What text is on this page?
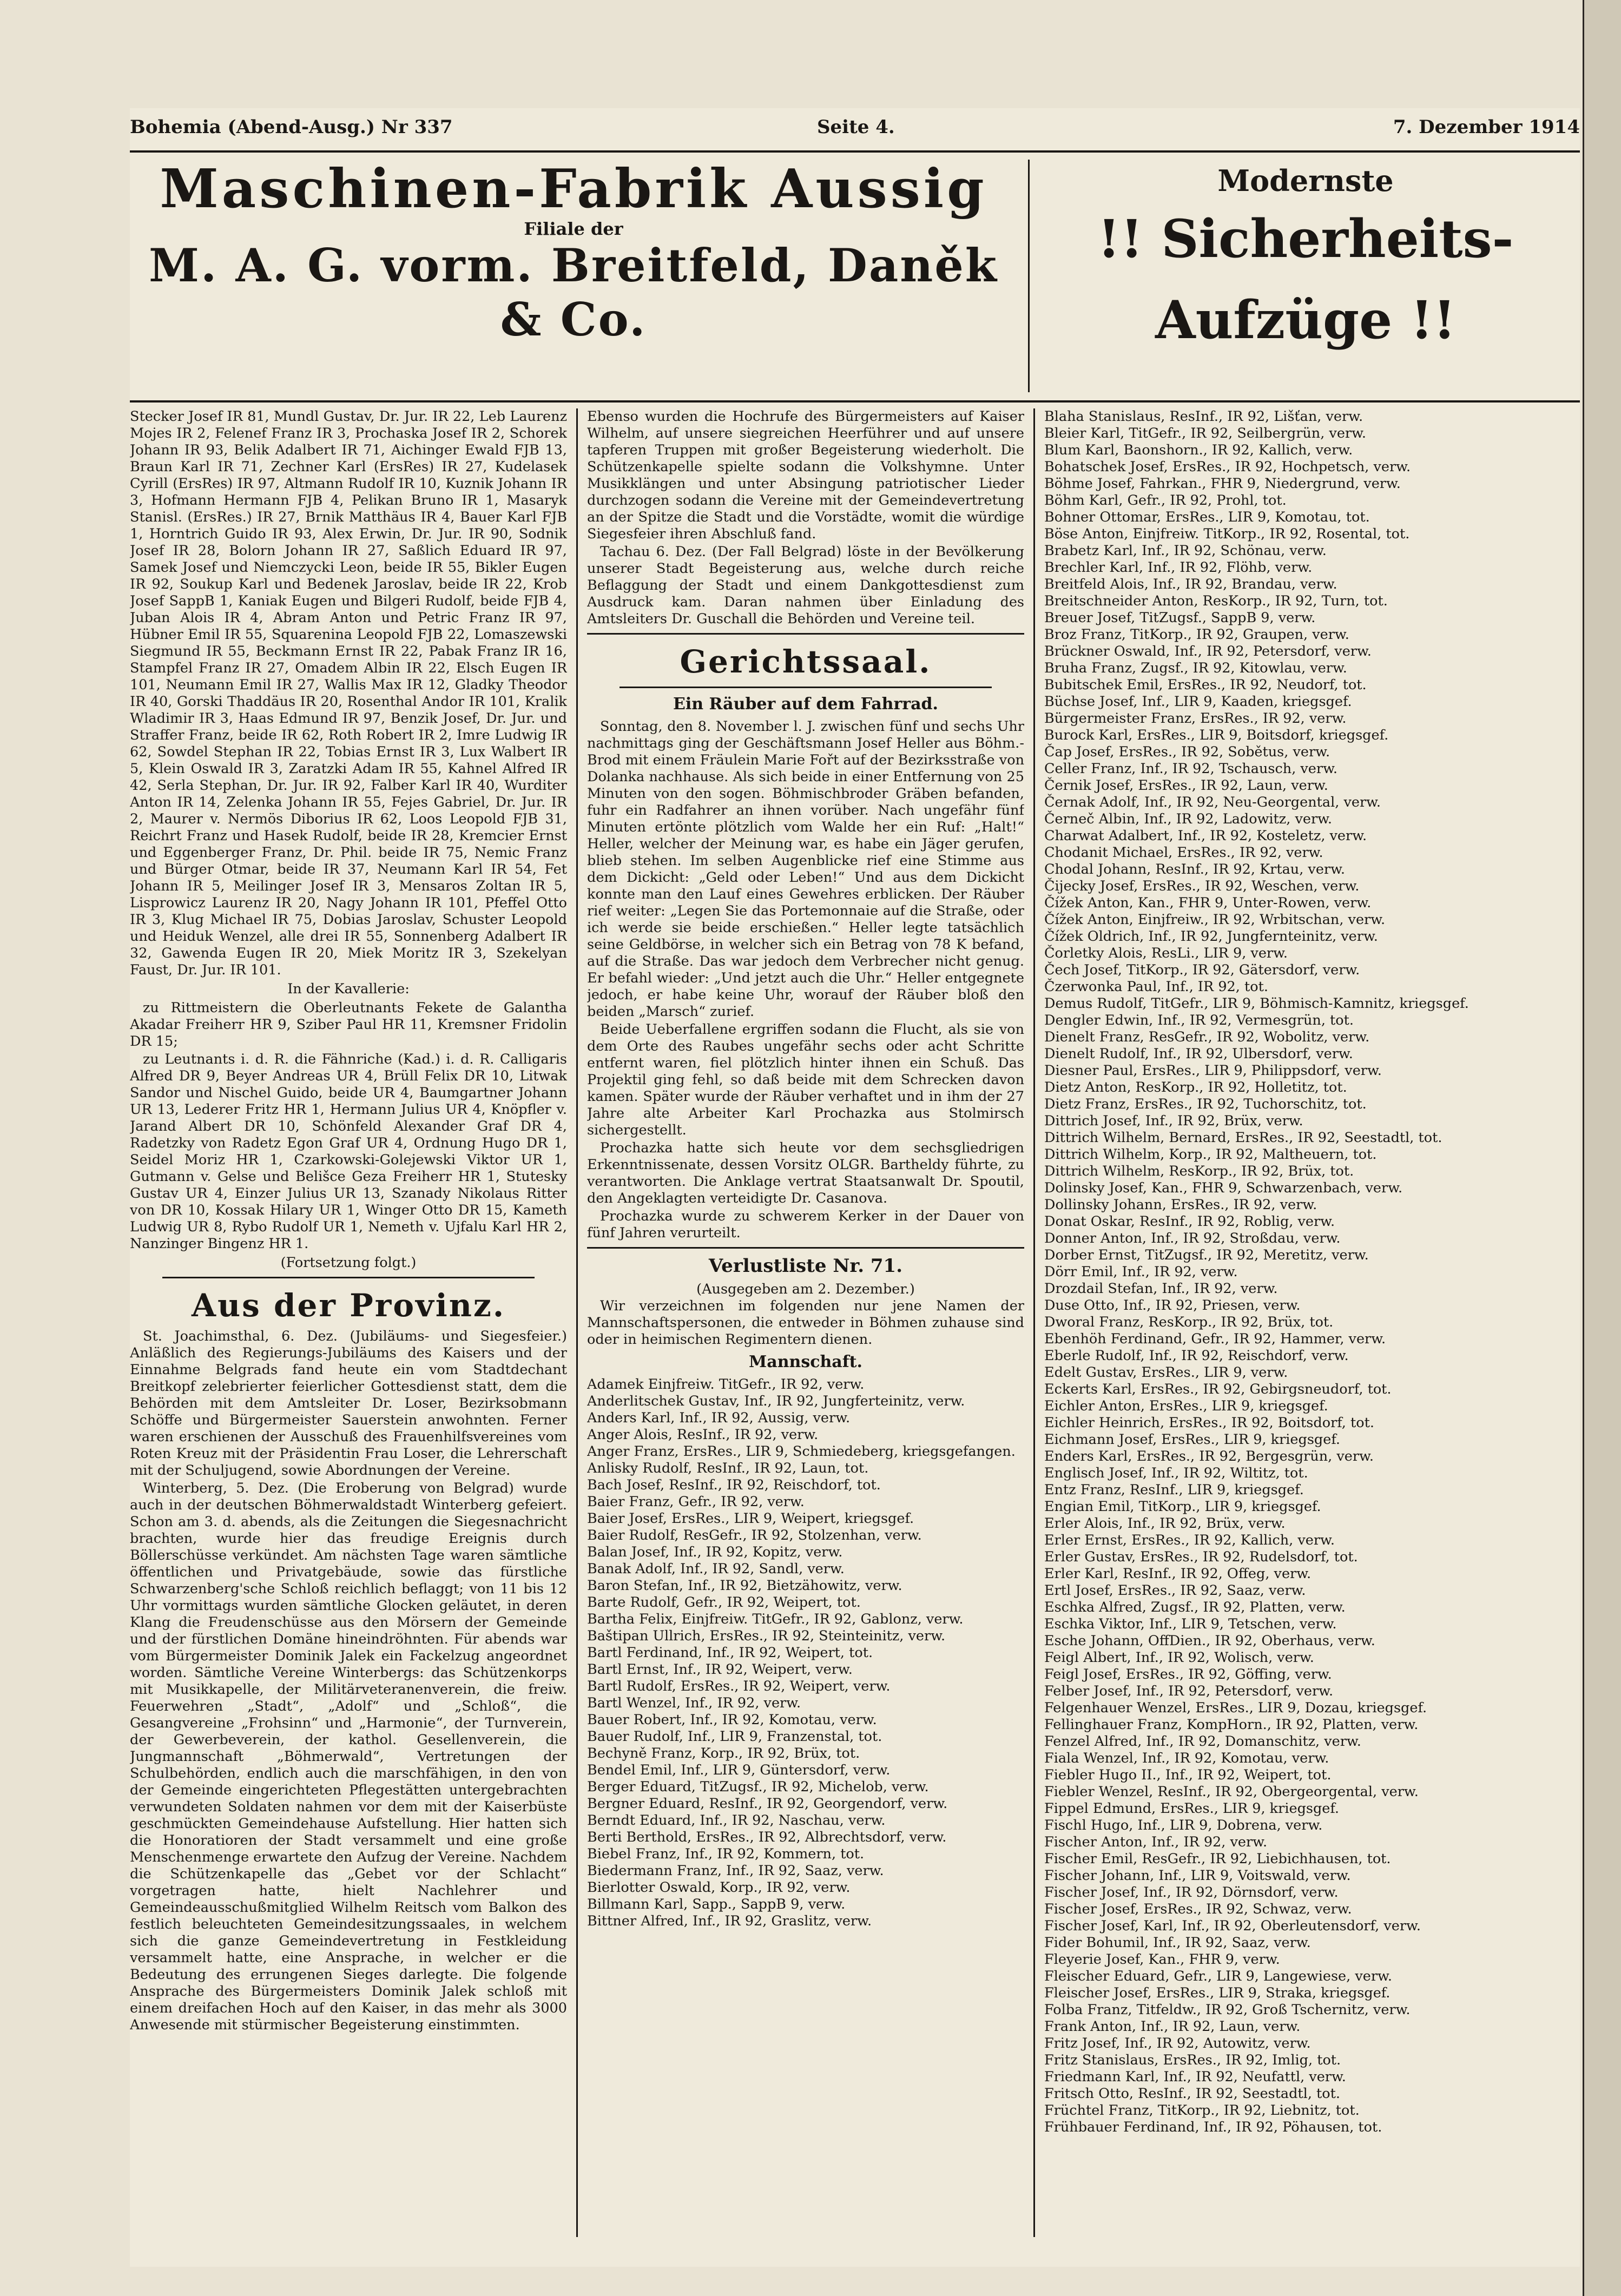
Bohemia (Abend-Ausg.) Nr 337	Seite 4.	7. Dezember 1914
Maschinen-Fabrik Aussig
Filiale der
M. A. G. vorm. Breitfeld, Daněk & Co.
Modernste
!! Sicherheits-Aufzüge !!

Stecker Josef IR 81, Mundl Gustav, Dr. Jur. IR 22, Leb Laurenz Mojes IR 2, Felenef Franz IR 3, Prochaska Josef IR 2, Schorek Johann IR 93, Belik Adalbert IR 71, Aichinger Ewald FJB 13, Braun Karl IR 71, Zechner Karl (ErsRes) IR 27, Kudelasek Cyrill (ErsRes) IR 97, Altmann Rudolf IR 10, Kuznik Johann IR 3, Hofmann Hermann FJB 4, Pelikan Bruno IR 1, Masaryk Stanisl. (ErsRes.) IR 27, Brnik Matthäus IR 4, Bauer Karl FJB 1, Horntrich Guido IR 93, Alex Erwin, Dr. Jur. IR 90, Sodnik Josef IR 28, Bolorn Johann IR 27, Saßlich Eduard IR 97, Samek Josef und Niemczycki Leon, beide IR 55, Bikler Eugen IR 92, Soukup Karl und Bedenek Jaroslav, beide IR 22, Krob Josef SappB 1, Kaniak Eugen und Bilgeri Rudolf, beide FJB 4, Juban Alois IR 4, Abram Anton und Petric Franz IR 97, Hübner Emil IR 55, Squarenina Leopold FJB 22, Lomaszewski Siegmund IR 55, Beckmann Ernst IR 22, Pabak Franz IR 16, Stampfel Franz IR 27, Omadem Albin IR 22, Elsch Eugen IR 101, Neumann Emil IR 27, Wallis Max IR 12, Gladky Theodor IR 40, Gorski Thaddäus IR 20, Rosenthal Andor IR 101, Kralik Wladimir IR 3, Haas Edmund IR 97, Benzik Josef, Dr. Jur. und Straffer Franz, beide IR 62, Roth Robert IR 2, Imre Ludwig IR 62, Sowdel Stephan IR 22, Tobias Ernst IR 3, Lux Walbert IR 5, Klein Oswald IR 3, Zaratzki Adam IR 55, Kahnel Alfred IR 42, Serla Stephan, Dr. Jur. IR 92, Falber Karl IR 40, Wurditer Anton IR 14, Zelenka Johann IR 55, Fejes Gabriel, Dr. Jur. IR 2, Maurer v. Nermös Diborius IR 62, Loos Leopold FJB 31, Reichrt Franz und Hasek Rudolf, beide IR 28, Kremcier Ernst und Eggenberger Franz, Dr. Phil. beide IR 75, Nemic Franz und Bürger Otmar, beide IR 37, Neumann Karl IR 54, Fet Johann IR 5, Meilinger Josef IR 3, Mensaros Zoltan IR 5, Lisprowicz Laurenz IR 20, Nagy Johann IR 101, Pfeffel Otto IR 3, Klug Michael IR 75, Dobias Jaroslav, Schuster Leopold und Heiduk Wenzel, alle drei IR 55, Sonnenberg Adalbert IR 32, Gawenda Eugen IR 20, Miek Moritz IR 3, Szekelyan Faust, Dr. Jur. IR 101.

In der Kavallerie:

zu Rittmeistern die Oberleutnants Fekete de Galantha Akadar Freiherr HR 9, Sziber Paul HR 11, Kremsner Fridolin DR 15;

zu Leutnants i. d. R. die Fähnriche (Kad.) i. d. R. Calligaris Alfred DR 9, Beyer Andreas UR 4, Brüll Felix DR 10, Litwak Sandor und Nischel Guido, beide UR 4, Baumgartner Johann UR 13, Lederer Fritz HR 1, Hermann Julius UR 4, Knöpfler v. Jarand Albert DR 10, Schönfeld Alexander Graf DR 4, Radetzky von Radetz Egon Graf UR 4, Ordnung Hugo DR 1, Seidel Moriz HR 1, Czarkowski-Golejewski Viktor UR 1, Gutmann v. Gelse und Belišce Geza Freiherr HR 1, Stutesky Gustav UR 4, Einzer Julius UR 13, Szanady Nikolaus Ritter von DR 10, Kossak Hilary UR 1, Winger Otto DR 15, Kameth Ludwig UR 8, Rybo Rudolf UR 1, Nemeth v. Ujfalu Karl HR 2, Nanzinger Bingenz HR 1.

(Fortsetzung folgt.)
Aus der Provinz.

St. Joachimsthal, 6. Dez. (Jubiläums- und Siegesfeier.) Anläßlich des Regierungs-Jubiläums des Kaisers und der Einnahme Belgrads fand heute ein vom Stadtdechant Breitkopf zelebrierter feierlicher Gottesdienst statt, dem die Behörden mit dem Amtsleiter Dr. Loser, Bezirksobmann Schöffe und Bürgermeister Sauerstein anwohnten. Ferner waren erschienen der Ausschuß des Frauenhilfsvereines vom Roten Kreuz mit der Präsidentin Frau Loser, die Lehrerschaft mit der Schuljugend, sowie Abordnungen der Vereine.

Winterberg, 5. Dez. (Die Eroberung von Belgrad) wurde auch in der deutschen Böhmerwaldstadt Winterberg gefeiert. Schon am 3. d. abends, als die Zeitungen die Siegesnachricht brachten, wurde hier das freudige Ereignis durch Böllerschüsse verkündet. Am nächsten Tage waren sämtliche öffentlichen und Privatgebäude, sowie das fürstliche Schwarzenberg'sche Schloß reichlich beflaggt; von 11 bis 12 Uhr vormittags wurden sämtliche Glocken geläutet, in deren Klang die Freudenschüsse aus den Mörsern der Gemeinde und der fürstlichen Domäne hineindröhnten. Für abends war vom Bürgermeister Dominik Jalek ein Fackelzug angeordnet worden. Sämtliche Vereine Winterbergs: das Schützenkorps mit Musikkapelle, der Militärveteranenverein, die freiw. Feuerwehren „Stadt“, „Adolf“ und „Schloß“, die Gesangvereine „Frohsinn“ und „Harmonie“, der Turnverein, der Gewerbeverein, der kathol. Gesellenverein, die Jungmannschaft „Böhmerwald“, Vertretungen der Schulbehörden, endlich auch die marschfähigen, in den von der Gemeinde eingerichteten Pflegestätten untergebrachten verwundeten Soldaten nahmen vor dem mit der Kaiserbüste geschmückten Gemeindehause Aufstellung. Hier hatten sich die Honoratioren der Stadt versammelt und eine große Menschenmenge erwartete den Aufzug der Vereine. Nachdem die Schützenkapelle das „Gebet vor der Schlacht“ vorgetragen hatte, hielt Nachlehrer und Gemeindeausschußmitglied Wilhelm Reitsch vom Balkon des festlich beleuchteten Gemeindesitzungssaales, in welchem sich die ganze Gemeindevertretung in Festkleidung versammelt hatte, eine Ansprache, in welcher er die Bedeutung des errungenen Sieges darlegte. Die folgende Ansprache des Bürgermeisters Dominik Jalek schloß mit einem dreifachen Hoch auf den Kaiser, in das mehr als 3000 Anwesende mit stürmischer Begeisterung einstimmten.

Ebenso wurden die Hochrufe des Bürgermeisters auf Kaiser Wilhelm, auf unsere siegreichen Heerführer und auf unsere tapferen Truppen mit großer Begeisterung wiederholt. Die Schützenkapelle spielte sodann die Volkshymne. Unter Musikklängen und unter Absingung patriotischer Lieder durchzogen sodann die Vereine mit der Gemeindevertretung an der Spitze die Stadt und die Vorstädte, womit die würdige Siegesfeier ihren Abschluß fand.

Tachau 6. Dez. (Der Fall Belgrad) löste in der Bevölkerung unserer Stadt Begeisterung aus, welche durch reiche Beflaggung der Stadt und einem Dankgottesdienst zum Ausdruck kam. Daran nahmen über Einladung des Amtsleiters Dr. Guschall die Behörden und Vereine teil.

Gerichtssaal.
Ein Räuber auf dem Fahrrad.

Sonntag, den 8. November l. J. zwischen fünf und sechs Uhr nachmittags ging der Geschäftsmann Josef Heller aus Böhm.-Brod mit einem Fräulein Marie Fořt auf der Bezirksstraße von Dolanka nachhause. Als sich beide in einer Entfernung von 25 Minuten von den sogen. Böhmischbroder Gräben befanden, fuhr ein Radfahrer an ihnen vorüber. Nach ungefähr fünf Minuten ertönte plötzlich vom Walde her ein Ruf: „Halt!“ Heller, welcher der Meinung war, es habe ein Jäger gerufen, blieb stehen. Im selben Augenblicke rief eine Stimme aus dem Dickicht: „Geld oder Leben!“ Und aus dem Dickicht konnte man den Lauf eines Gewehres erblicken. Der Räuber rief weiter: „Legen Sie das Portemonnaie auf die Straße, oder ich werde sie beide erschießen.“ Heller legte tatsächlich seine Geldbörse, in welcher sich ein Betrag von 78 K befand, auf die Straße. Das war jedoch dem Verbrecher nicht genug. Er befahl wieder: „Und jetzt auch die Uhr.“ Heller entgegnete jedoch, er habe keine Uhr, worauf der Räuber bloß den beiden „Marsch“ zurief.

Beide Ueberfallene ergriffen sodann die Flucht, als sie von dem Orte des Raubes ungefähr sechs oder acht Schritte entfernt waren, fiel plötzlich hinter ihnen ein Schuß. Das Projektil ging fehl, so daß beide mit dem Schrecken davon kamen. Später wurde der Räuber verhaftet und in ihm der 27 Jahre alte Arbeiter Karl Prochazka aus Stolmirsch sichergestellt.

Prochazka hatte sich heute vor dem sechsgliedrigen Erkenntnissenate, dessen Vorsitz OLGR. Bartheldy führte, zu verantworten. Die Anklage vertrat Staatsanwalt Dr. Spoutil, den Angeklagten verteidigte Dr. Casanova.

Prochazka wurde zu schwerem Kerker in der Dauer von fünf Jahren verurteilt.

Verlustliste Nr. 71.
(Ausgegeben am 2. Dezember.)

Wir verzeichnen im folgenden nur jene Namen der Mannschaftspersonen, die entweder in Böhmen zuhause sind oder in heimischen Regimentern dienen.

Mannschaft.
Adamek Einjfreiw. TitGefr., IR 92, verw.
Anderlitschek Gustav, Inf., IR 92, Jungferteinitz, verw.
Anders Karl, Inf., IR 92, Aussig, verw.
Anger Alois, ResInf., IR 92, verw.
Anger Franz, ErsRes., LIR 9, Schmiedeberg, kriegsgefangen.
Anlisky Rudolf, ResInf., IR 92, Laun, tot.
Bach Josef, ResInf., IR 92, Reischdorf, tot.
Baier Franz, Gefr., IR 92, verw.
Baier Josef, ErsRes., LIR 9, Weipert, kriegsgef.
Baier Rudolf, ResGefr., IR 92, Stolzenhan, verw.
Balan Josef, Inf., IR 92, Kopitz, verw.
Banak Adolf, Inf., IR 92, Sandl, verw.
Baron Stefan, Inf., IR 92, Bietzähowitz, verw.
Barte Rudolf, Gefr., IR 92, Weipert, tot.
Bartha Felix, Einjfreiw. TitGefr., IR 92, Gablonz, verw.
Baštipan Ullrich, ErsRes., IR 92, Steinteinitz, verw.
Bartl Ferdinand, Inf., IR 92, Weipert, tot.
Bartl Ernst, Inf., IR 92, Weipert, verw.
Bartl Rudolf, ErsRes., IR 92, Weipert, verw.
Bartl Wenzel, Inf., IR 92, verw.
Bauer Robert, Inf., IR 92, Komotau, verw.
Bauer Rudolf, Inf., LIR 9, Franzenstal, tot.
Bechyně Franz, Korp., IR 92, Brüx, tot.
Bendel Emil, Inf., LIR 9, Güntersdorf, verw.
Berger Eduard, TitZugsf., IR 92, Michelob, verw.
Bergner Eduard, ResInf., IR 92, Georgendorf, verw.
Berndt Eduard, Inf., IR 92, Naschau, verw.
Berti Berthold, ErsRes., IR 92, Albrechtsdorf, verw.
Biebel Franz, Inf., IR 92, Kommern, tot.
Biedermann Franz, Inf., IR 92, Saaz, verw.
Bierlotter Oswald, Korp., IR 92, verw.
Billmann Karl, Sapp., SappB 9, verw.
Bittner Alfred, Inf., IR 92, Graslitz, verw.
Blaha Stanislaus, ResInf., IR 92, Lišťan, verw.
Bleier Karl, TitGefr., IR 92, Seilbergrün, verw.
Blum Karl, Baonshorn., IR 92, Kallich, verw.
Bohatschek Josef, ErsRes., IR 92, Hochpetsch, verw.
Böhme Josef, Fahrkan., FHR 9, Niedergrund, verw.
Böhm Karl, Gefr., IR 92, Prohl, tot.
Bohner Ottomar, ErsRes., LIR 9, Komotau, tot.
Böse Anton, Einjfreiw. TitKorp., IR 92, Rosental, tot.
Brabetz Karl, Inf., IR 92, Schönau, verw.
Brechler Karl, Inf., IR 92, Flöhb, verw.
Breitfeld Alois, Inf., IR 92, Brandau, verw.
Breitschneider Anton, ResKorp., IR 92, Turn, tot.
Breuer Josef, TitZugsf., SappB 9, verw.
Broz Franz, TitKorp., IR 92, Graupen, verw.
Brückner Oswald, Inf., IR 92, Petersdorf, verw.
Bruha Franz, Zugsf., IR 92, Kitowlau, verw.
Bubitschek Emil, ErsRes., IR 92, Neudorf, tot.
Büchse Josef, Inf., LIR 9, Kaaden, kriegsgef.
Bürgermeister Franz, ErsRes., IR 92, verw.
Burock Karl, ErsRes., LIR 9, Boitsdorf, kriegsgef.
Čap Josef, ErsRes., IR 92, Sobětus, verw.
Celler Franz, Inf., IR 92, Tschausch, verw.
Černik Josef, ErsRes., IR 92, Laun, verw.
Černak Adolf, Inf., IR 92, Neu-Georgental, verw.
Černeč Albin, Inf., IR 92, Ladowitz, verw.
Charwat Adalbert, Inf., IR 92, Kosteletz, verw.
Chodanit Michael, ErsRes., IR 92, verw.
Chodal Johann, ResInf., IR 92, Krtau, verw.
Čijecky Josef, ErsRes., IR 92, Weschen, verw.
Čížek Anton, Kan., FHR 9, Unter-Rowen, verw.
Čížek Anton, Einjfreiw., IR 92, Wrbitschan, verw.
Čížek Oldrich, Inf., IR 92, Jungfernteinitz, verw.
Čorletky Alois, ResLi., LIR 9, verw.
Čech Josef, TitKorp., IR 92, Gätersdorf, verw.
Čzerwonka Paul, Inf., IR 92, tot.
Demus Rudolf, TitGefr., LIR 9, Böhmisch-Kamnitz, kriegsgef.
Dengler Edwin, Inf., IR 92, Vermesgrün, tot.
Dienelt Franz, ResGefr., IR 92, Wobolitz, verw.
Dienelt Rudolf, Inf., IR 92, Ulbersdorf, verw.
Diesner Paul, ErsRes., LIR 9, Philippsdorf, verw.
Dietz Anton, ResKorp., IR 92, Holletitz, tot.
Dietz Franz, ErsRes., IR 92, Tuchorschitz, tot.
Dittrich Josef, Inf., IR 92, Brüx, verw.
Dittrich Wilhelm, Bernard, ErsRes., IR 92, Seestadtl, tot.
Dittrich Wilhelm, Korp., IR 92, Maltheuern, tot.
Dittrich Wilhelm, ResKorp., IR 92, Brüx, tot.
Dolinsky Josef, Kan., FHR 9, Schwarzenbach, verw.
Dollinsky Johann, ErsRes., IR 92, verw.
Donat Oskar, ResInf., IR 92, Roblig, verw.
Donner Anton, Inf., IR 92, Stroßdau, verw.
Dorber Ernst, TitZugsf., IR 92, Meretitz, verw.
Dörr Emil, Inf., IR 92, verw.
Drozdail Stefan, Inf., IR 92, verw.
Duse Otto, Inf., IR 92, Priesen, verw.
Dworal Franz, ResKorp., IR 92, Brüx, tot.
Ebenhöh Ferdinand, Gefr., IR 92, Hammer, verw.
Eberle Rudolf, Inf., IR 92, Reischdorf, verw.
Edelt Gustav, ErsRes., LIR 9, verw.
Eckerts Karl, ErsRes., IR 92, Gebirgsneudorf, tot.
Eichler Anton, ErsRes., LIR 9, kriegsgef.
Eichler Heinrich, ErsRes., IR 92, Boitsdorf, tot.
Eichmann Josef, ErsRes., LIR 9, kriegsgef.
Enders Karl, ErsRes., IR 92, Bergesgrün, verw.
Englisch Josef, Inf., IR 92, Wiltitz, tot.
Entz Franz, ResInf., LIR 9, kriegsgef.
Engian Emil, TitKorp., LIR 9, kriegsgef.
Erler Alois, Inf., IR 92, Brüx, verw.
Erler Ernst, ErsRes., IR 92, Kallich, verw.
Erler Gustav, ErsRes., IR 92, Rudelsdorf, tot.
Erler Karl, ResInf., IR 92, Offeg, verw.
Ertl Josef, ErsRes., IR 92, Saaz, verw.
Eschka Alfred, Zugsf., IR 92, Platten, verw.
Eschka Viktor, Inf., LIR 9, Tetschen, verw.
Esche Johann, OffDien., IR 92, Oberhaus, verw.
Feigl Albert, Inf., IR 92, Wolisch, verw.
Feigl Josef, ErsRes., IR 92, Göffing, verw.
Felber Josef, Inf., IR 92, Petersdorf, verw.
Felgenhauer Wenzel, ErsRes., LIR 9, Dozau, kriegsgef.
Fellinghauer Franz, KompHorn., IR 92, Platten, verw.
Fenzel Alfred, Inf., IR 92, Domanschitz, verw.
Fiala Wenzel, Inf., IR 92, Komotau, verw.
Fiebler Hugo II., Inf., IR 92, Weipert, tot.
Fiebler Wenzel, ResInf., IR 92, Obergeorgental, verw.
Fippel Edmund, ErsRes., LIR 9, kriegsgef.
Fischl Hugo, Inf., LIR 9, Dobrena, verw.
Fischer Anton, Inf., IR 92, verw.
Fischer Emil, ResGefr., IR 92, Liebichhausen, tot.
Fischer Johann, Inf., LIR 9, Voitswald, verw.
Fischer Josef, Inf., IR 92, Dörnsdorf, verw.
Fischer Josef, ErsRes., IR 92, Schwaz, verw.
Fischer Josef, Karl, Inf., IR 92, Oberleutensdorf, verw.
Fider Bohumil, Inf., IR 92, Saaz, verw.
Fleyerie Josef, Kan., FHR 9, verw.
Fleischer Eduard, Gefr., LIR 9, Langewiese, verw.
Fleischer Josef, ErsRes., LIR 9, Straka, kriegsgef.
Folba Franz, Titfeldw., IR 92, Groß Tschernitz, verw.
Frank Anton, Inf., IR 92, Laun, verw.
Fritz Josef, Inf., IR 92, Autowitz, verw.
Fritz Stanislaus, ErsRes., IR 92, Imlig, tot.
Friedmann Karl, Inf., IR 92, Neufattl, verw.
Fritsch Otto, ResInf., IR 92, Seestadtl, tot.
Früchtel Franz, TitKorp., IR 92, Liebnitz, tot.
Frühbauer Ferdinand, Inf., IR 92, Pöhausen, tot.
